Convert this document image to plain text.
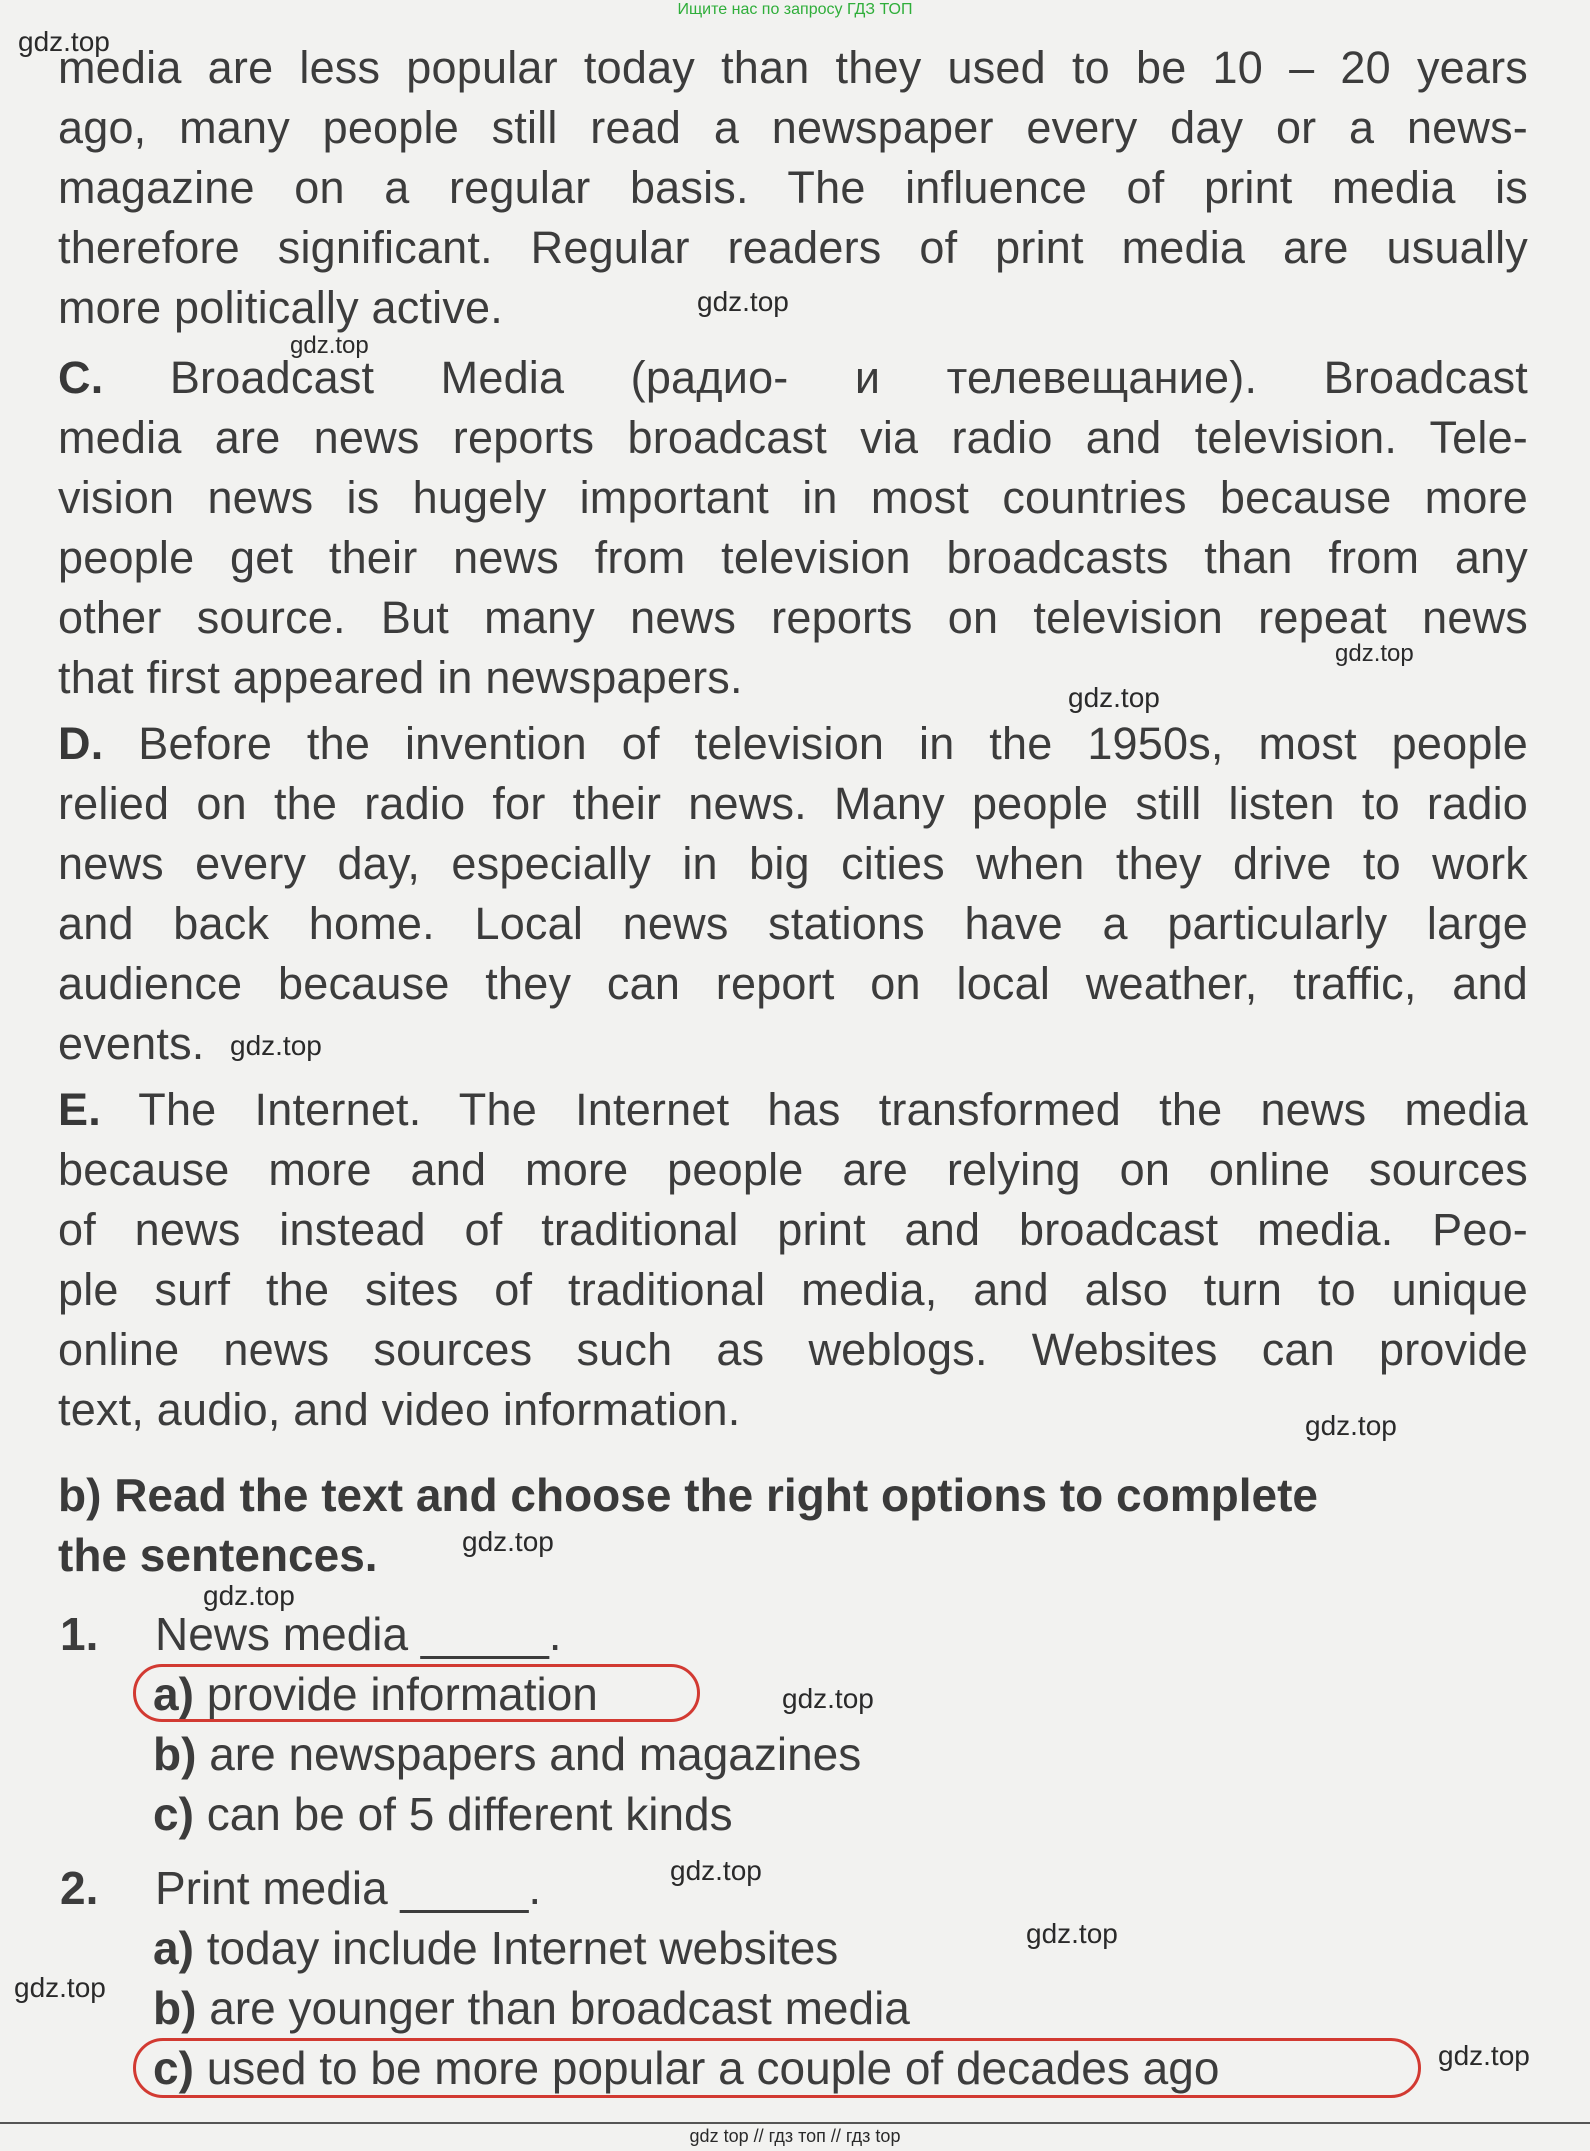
Ищите нас по запросу ГДЗ ТОП
media are less popular today than they used to be 10 – 20 years
ago, many people still read a newspaper every day or a news-
magazine on a regular basis. The influence of print media is
therefore significant. Regular readers of print media are usually
more politically active.
C. Broadcast Media (радио- и телевещание). Broadcast
media are news reports broadcast via radio and television. Tele-
vision news is hugely important in most countries because more
people get their news from television broadcasts than from any
other source. But many news reports on television repeat news
that first appeared in newspapers.
D. Before the invention of television in the 1950s, most people
relied on the radio for their news. Many people still listen to radio
news every day, especially in big cities when they drive to work
and back home. Local news stations have a particularly large
audience because they can report on local weather, traffic, and
events.
E. The Internet. The Internet has transformed the news media
because more and more people are relying on online sources
of news instead of traditional print and broadcast media. Peo-
ple surf the sites of traditional media, and also turn to unique
online news sources such as weblogs. Websites can provide
text, audio, and video information.
b) Read the text and choose the right options to complete
the sentences.
1. News media _____.
a) provide information
b) are newspapers and magazines
c) can be of 5 different kinds
2. Print media _____.
a) today include Internet websites
b) are younger than broadcast media
c) used to be more popular a couple of decades ago
gdz.top
gdz.top
gdz.top
gdz.top
gdz.top
gdz.top
gdz.top
gdz.top
gdz.top
gdz.top
gdz.top
gdz.top
gdz.top
gdz.top
gdz top // гдз топ // гдз top
